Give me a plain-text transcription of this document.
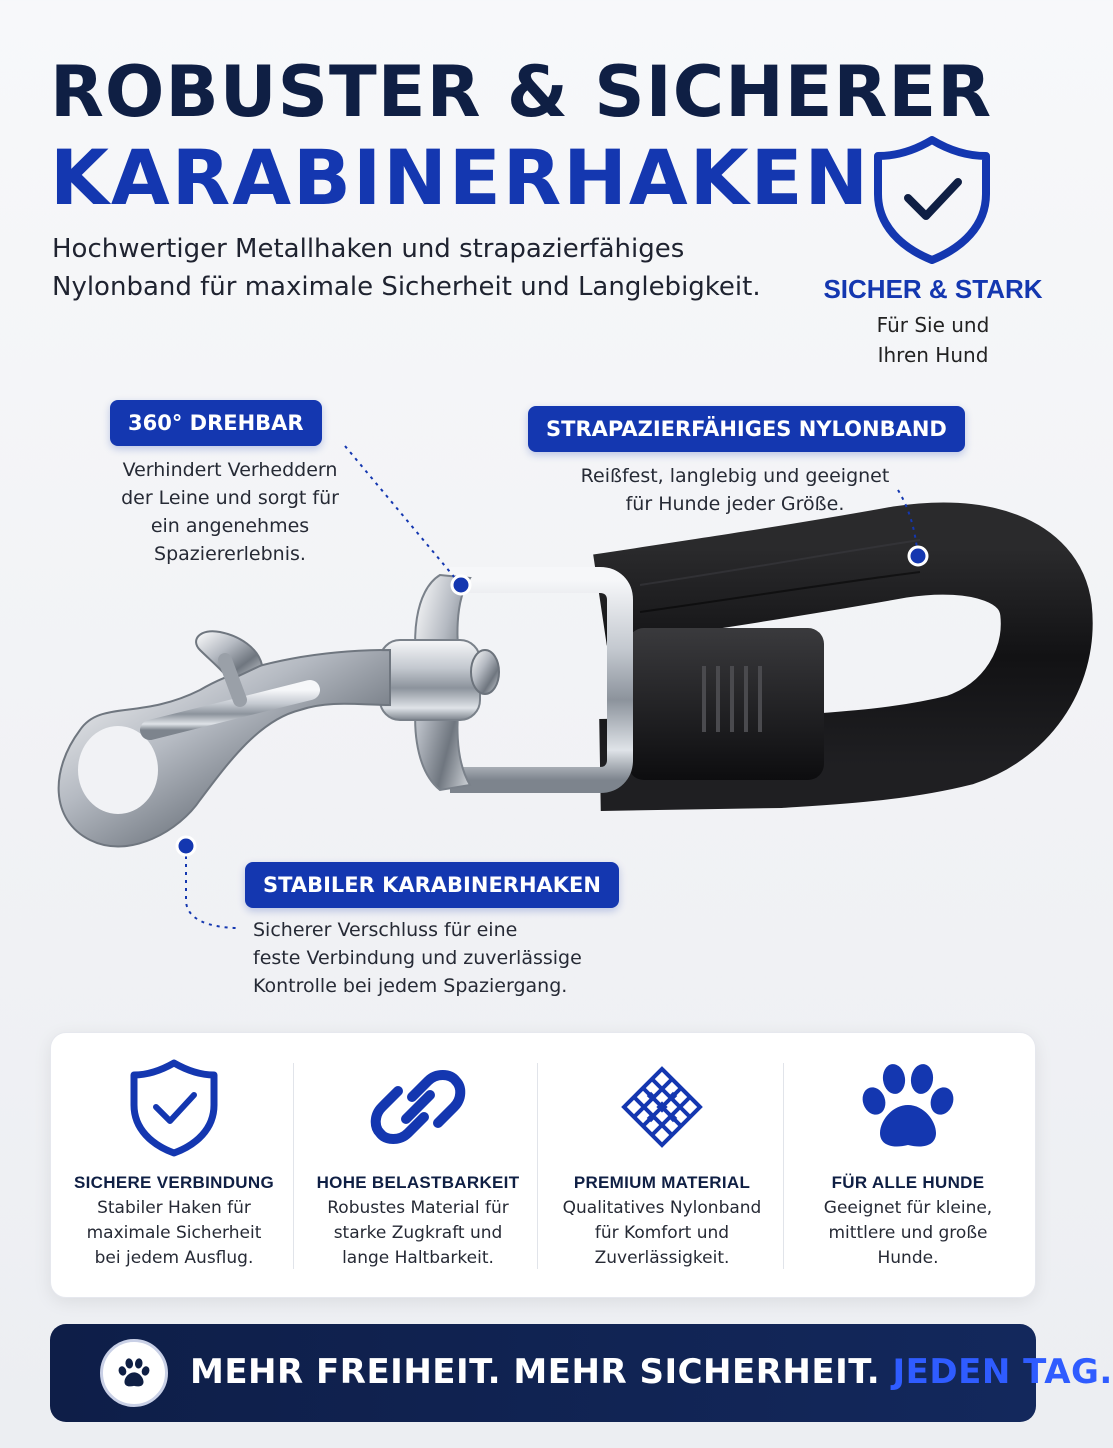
ROBUSTER & SICHERER
KARABINERHAKEN
Hochwertiger Metallhaken und strapazierfähiges Nylonband für maximale Sicherheit und Langlebigkeit.	SICHER & STARK
Für Sie und
Ihren Hund
360° DREHBAR
Verhindert Verheddern
der Leine und sorgt für
ein angenehmes
Spaziererlebnis.
STRAPAZIERFÄHIGES NYLONBAND
Reißfest, langlebig und geeignet
für Hunde jeder Größe.
STABILER KARABINERHAKEN
Sicherer Verschluss für eine
feste Verbindung und zuverlässige
Kontrolle bei jedem Spaziergang.
SICHERE VERBINDUNG
Stabiler Haken für
maximale Sicherheit
bei jedem Ausflug.
HOHE BELASTBARKEIT
Robustes Material für
starke Zugkraft und
lange Haltbarkeit.
PREMIUM MATERIAL
Qualitatives Nylonband
für Komfort und
Zuverlässigkeit.
FÜR ALLE HUNDE
Geeignet für kleine,
mittlere und große
Hunde.
MEHR FREIHEIT. MEHR SICHERHEIT. JEDEN TAG.
